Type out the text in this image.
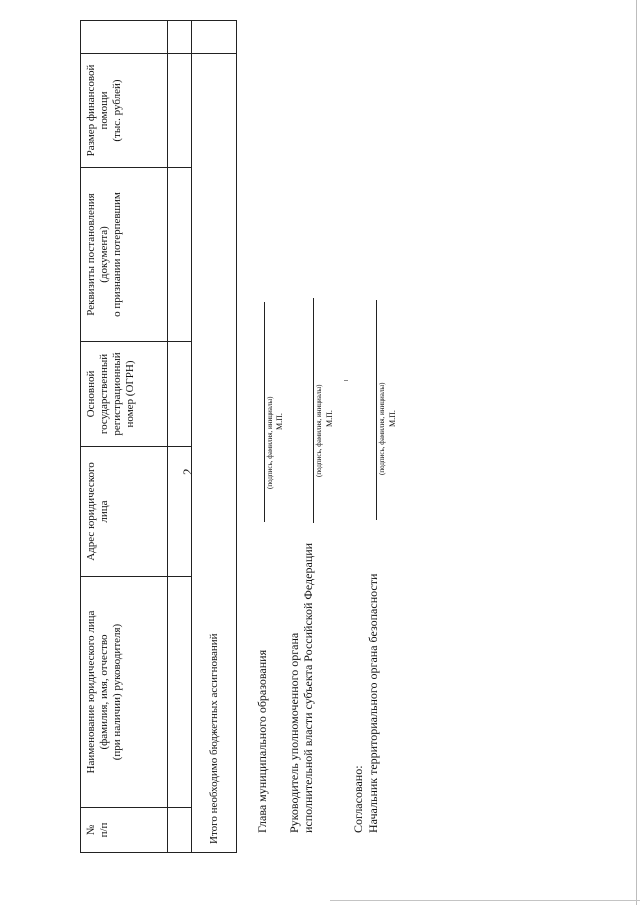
2
№
п/п	Наименование юридического лица
(фамилия, имя, отчество
(при наличии) руководителя)	Адрес юридического лица	Основной
государственный
регистрационный
номер (ОГРН)	Реквизиты постановления
(документа)
о признании потерпевшим	Размер финансовой помощи
(тыс. рублей)	

Итого необходимо бюджетных ассигнований							Глава муниципального образования
(подпись, фамилия, инициалы) М.П.
Руководитель уполномоченного органа
исполнительной власти субъекта Российской Федерации
(подпись, фамилия, инициалы) М.П.
Согласовано: Начальник территориального органа безопасности
(подпись, фамилия, инициалы) М.П.
